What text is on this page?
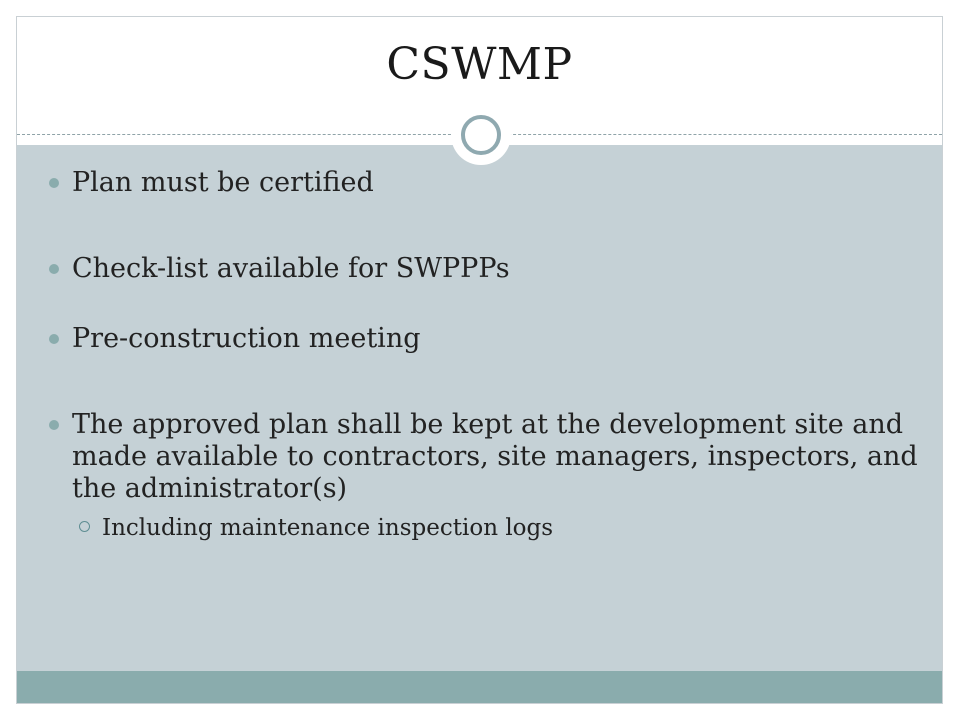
CSWMP
Plan must be certified
Check-list available for SWPPPs
Pre-construction meeting
The approved plan shall be kept at the development site and made available to contractors, site managers, inspectors, and the administrator(s)
Including maintenance inspection logs
